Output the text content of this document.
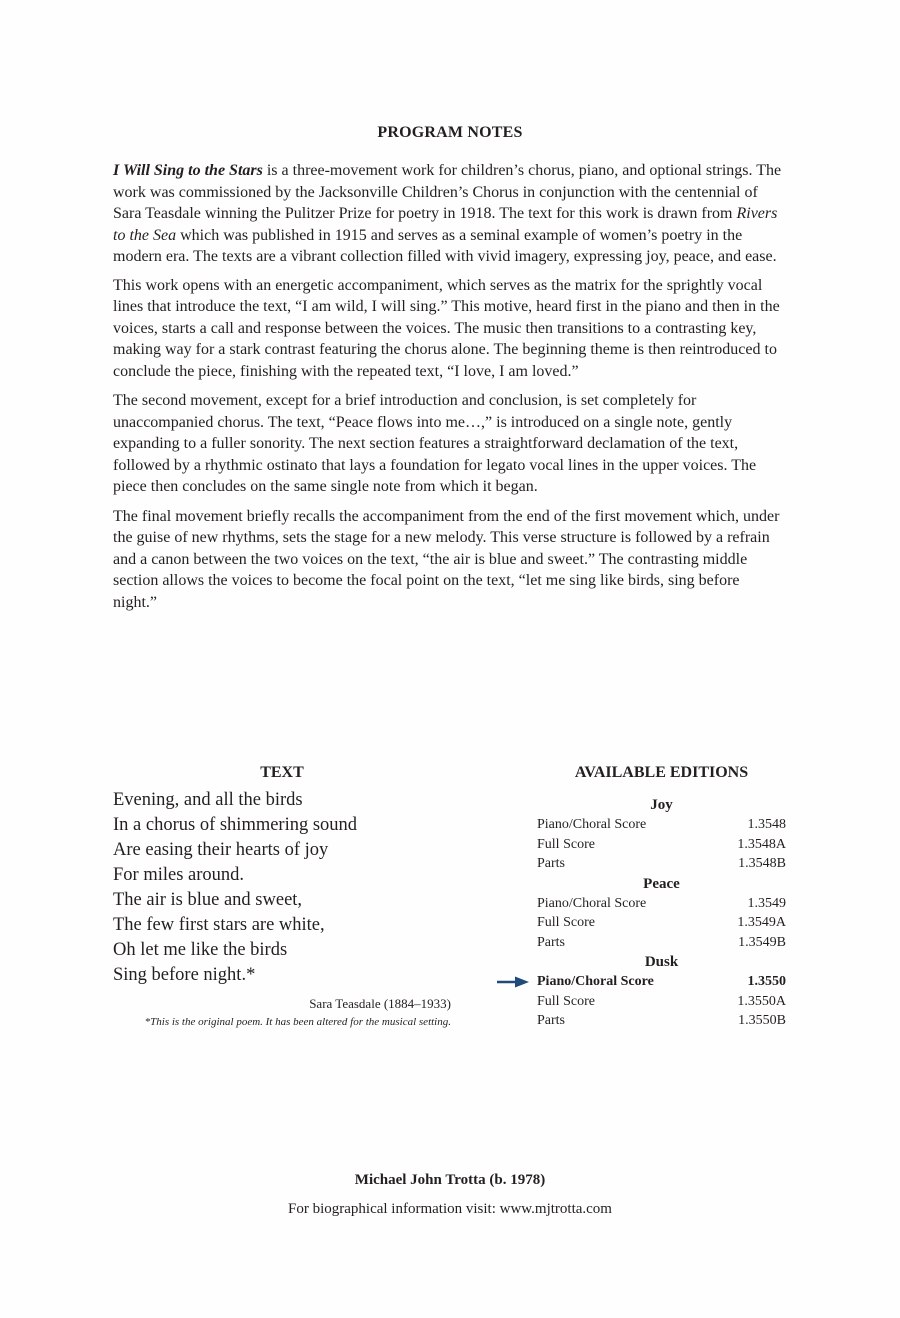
PROGRAM NOTES

I Will Sing to the Stars is a three-movement work for children’s chorus, piano, and optional strings. The work was commissioned by the Jacksonville Children’s Chorus in conjunction with the centennial of Sara Teasdale winning the Pulitzer Prize for poetry in 1918. The text for this work is drawn from Rivers to the Sea which was published in 1915 and serves as a seminal example of women’s poetry in the modern era. The texts are a vibrant collection filled with vivid imagery, expressing joy, peace, and ease.

This work opens with an energetic accompaniment, which serves as the matrix for the sprightly vocal lines that introduce the text, “I am wild, I will sing.” This motive, heard first in the piano and then in the voices, starts a call and response between the voices. The music then transitions to a contrasting key, making way for a stark contrast featuring the chorus alone. The beginning theme is then reintroduced to conclude the piece, finishing with the repeated text, “I love, I am loved.”

The second movement, except for a brief introduction and conclusion, is set completely for unaccompanied chorus. The text, “Peace flows into me…,” is introduced on a single note, gently expanding to a fuller sonority. The next section features a straightforward declamation of the text, followed by a rhythmic ostinato that lays a foundation for legato vocal lines in the upper voices. The piece then concludes on the same single note from which it began.

The final movement briefly recalls the accompaniment from the end of the first movement which, under the guise of new rhythms, sets the stage for a new melody. This verse structure is followed by a refrain and a canon between the two voices on the text, “the air is blue and sweet.” The contrasting middle section allows the voices to become the focal point on the text, “let me sing like birds, sing before night.”

TEXT
Evening, and all the birds
In a chorus of shimmering sound
Are easing their hearts of joy
For miles around.
The air is blue and sweet,
The few first stars are white,
Oh let me like the birds
Sing before night.*
Sara Teasdale (1884–1933)
*This is the original poem. It has been altered for the musical setting.
AVAILABLE EDITIONS
Joy
Piano/Choral Score	1.3548
Full Score	1.3548A
Parts	1.3548B
Peace
Piano/Choral Score	1.3549
Full Score	1.3549A
Parts	1.3549B
Dusk
Piano/Choral Score	1.3550
Full Score	1.3550A
Parts	1.3550B
Michael John Trotta (b. 1978)
For biographical information visit: www.mjtrotta.com
